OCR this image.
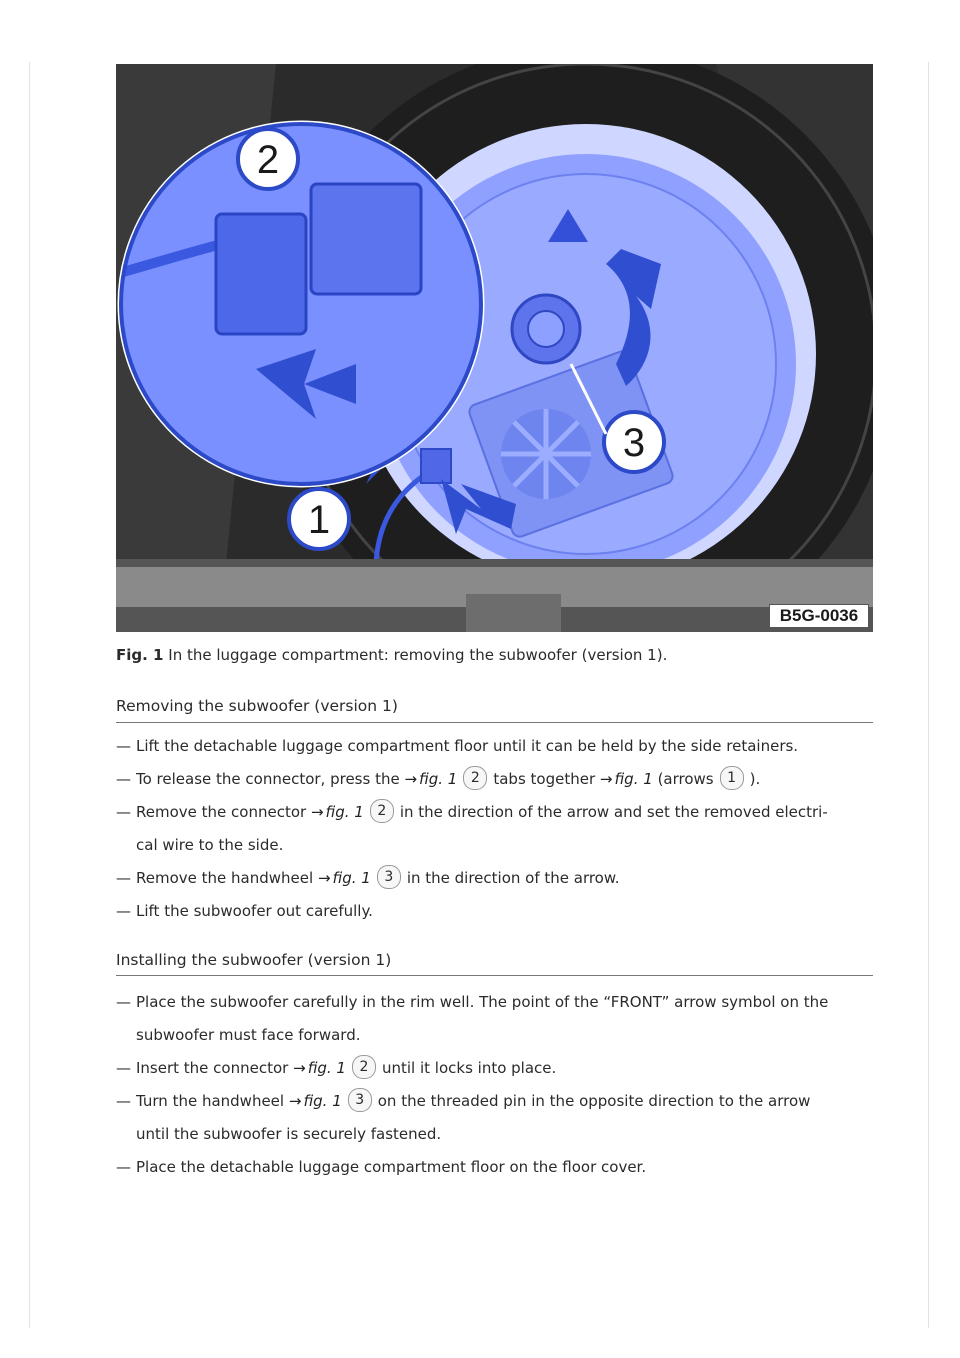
2
1
3
B5G-0036
Fig. 1 In the luggage compartment: removing the subwoofer (version 1).
Removing the subwoofer (version 1)
— Lift the detachable luggage compartment floor until it can be held by the side retainers.
— To release the connector, press the → fig. 1 2 tabs together → fig. 1 (arrows 1 ).
— Remove the connector → fig. 1 2 in the direction of the arrow and set the removed electri-
cal wire to the side.
— Remove the handwheel → fig. 1 3 in the direction of the arrow.
— Lift the subwoofer out carefully.
Installing the subwoofer (version 1)
— Place the subwoofer carefully in the rim well. The point of the “FRONT” arrow symbol on the
subwoofer must face forward.
— Insert the connector → fig. 1 2 until it locks into place.
— Turn the handwheel → fig. 1 3 on the threaded pin in the opposite direction to the arrow
until the subwoofer is securely fastened.
— Place the detachable luggage compartment floor on the floor cover.
